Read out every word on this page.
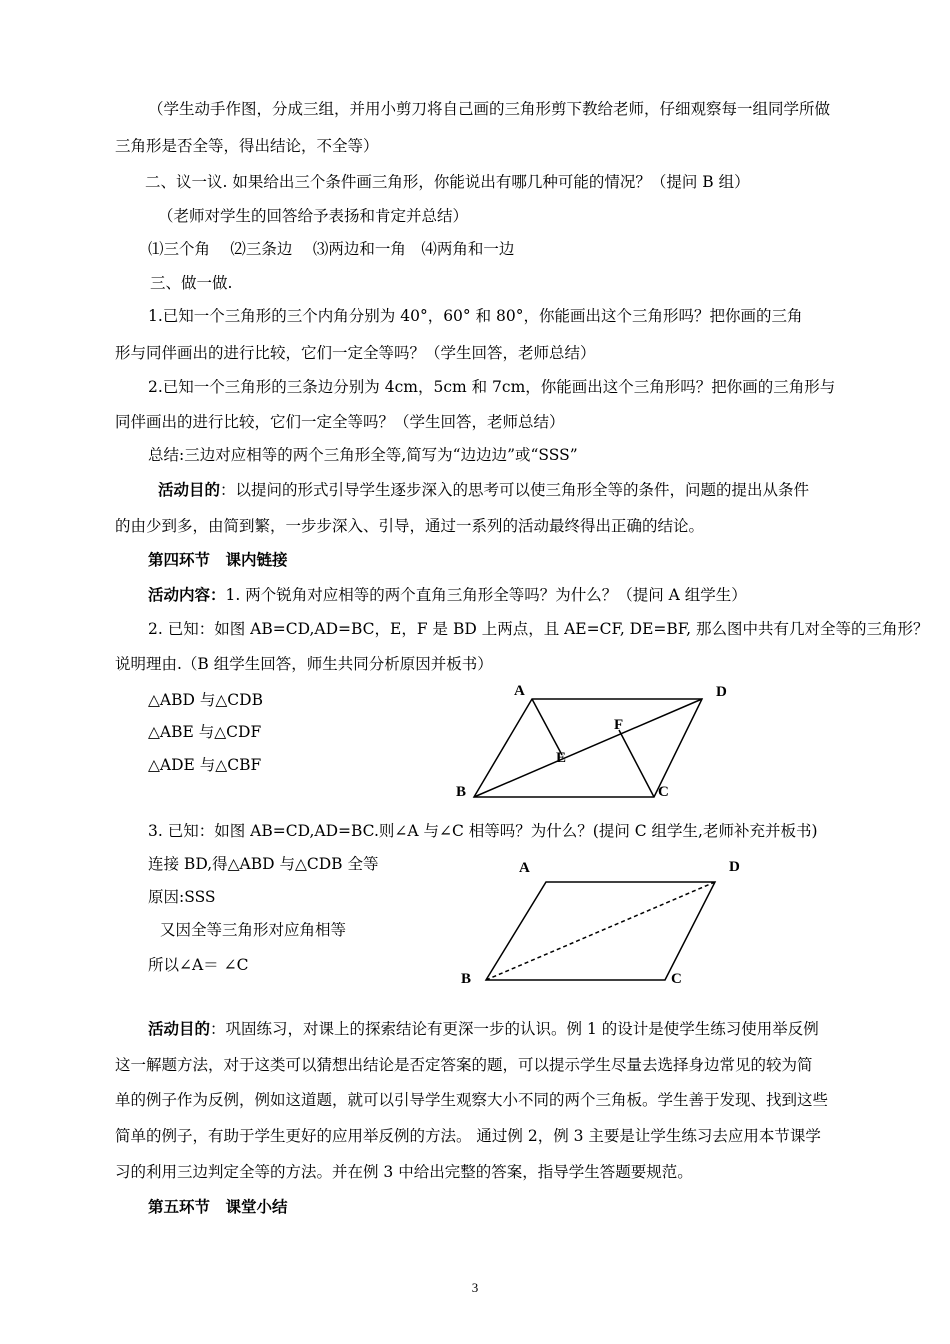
（学生动手作图，分成三组，并用小剪刀将自己画的三角形剪下教给老师，仔细观察每一组同学所做
三角形是否全等，得出结论，不全等）
二、议一议. 如果给出三个条件画三角形，你能说出有哪几种可能的情况？（提问 B 组）
（老师对学生的回答给予表扬和肯定并总结）
⑴三个角　 ⑵三条边　 ⑶两边和一角　⑷两角和一边
三、做一做.
1.已知一个三角形的三个内角分别为 40°，60° 和 80°，你能画出这个三角形吗？把你画的三角
形与同伴画出的进行比较，它们一定全等吗？（学生回答，老师总结）
2.已知一个三角形的三条边分别为 4cm，5cm 和 7cm，你能画出这个三角形吗？把你画的三角形与
同伴画出的进行比较，它们一定全等吗？（学生回答，老师总结）
总结:三边对应相等的两个三角形全等,简写为“边边边”或“SSS”
活动目的：以提问的形式引导学生逐步深入的思考可以使三角形全等的条件，问题的提出从条件
的由少到多，由简到繁，一步步深入、引导，通过一系列的活动最终得出正确的结论。
第四环节　课内链接
活动内容：1. 两个锐角对应相等的两个直角三角形全等吗？为什么？（提问 A 组学生）
2. 已知：如图 AB=CD,AD=BC，E，F 是 BD 上两点，且 AE=CF, DE=BF, 那么图中共有几对全等的三角形？
说明理由.（B 组学生回答，师生共同分析原因并板书）
△ABD 与△CDB
△ABE 与△CDF
△ADE 与△CBF
A	D
F
E
B	C
3. 已知：如图 AB=CD,AD=BC.则∠A 与∠C 相等吗？为什么？(提问 C 组学生,老师补充并板书)
连接 BD,得△ABD 与△CDB 全等
原因:SSS
又因全等三角形对应角相等
所以∠A＝ ∠C
A	D
B	C
活动目的：巩固练习，对课上的探索结论有更深一步的认识。例 1 的设计是使学生练习使用举反例
这一解题方法，对于这类可以猜想出结论是否定答案的题，可以提示学生尽量去选择身边常见的较为简
单的例子作为反例，例如这道题，就可以引导学生观察大小不同的两个三角板。学生善于发现、找到这些
简单的例子，有助于学生更好的应用举反例的方法。 通过例 2，例 3 主要是让学生练习去应用本节课学
习的利用三边判定全等的方法。并在例 3 中给出完整的答案，指导学生答题要规范。
第五环节　课堂小结
3
